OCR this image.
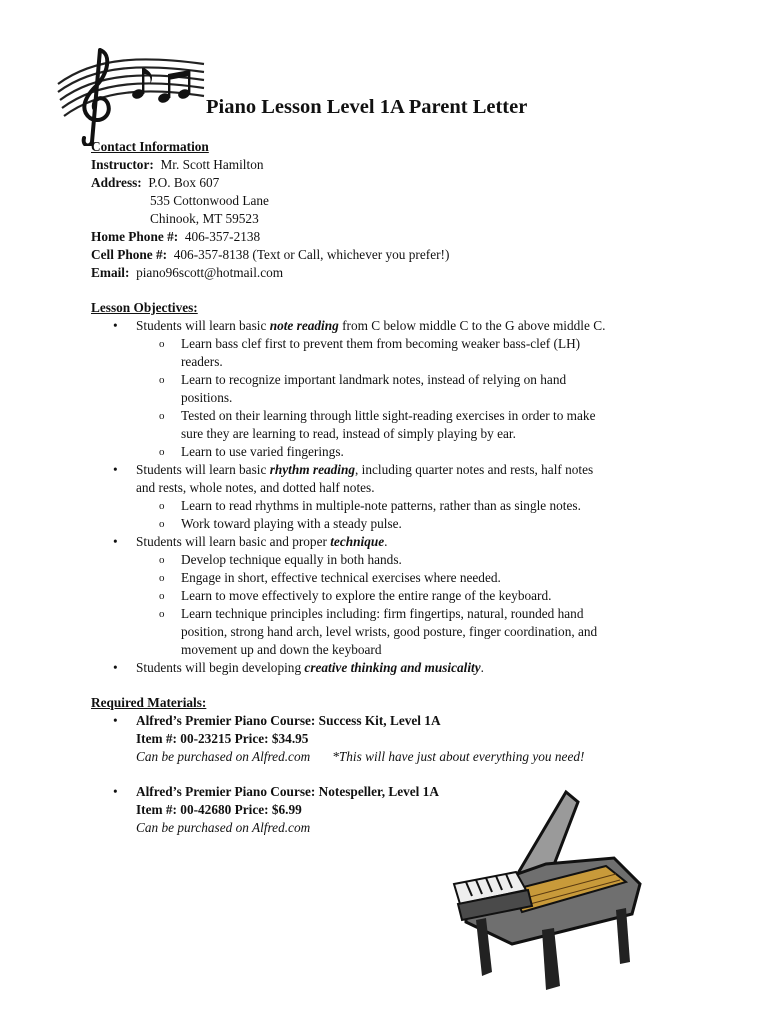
Piano Lesson Level 1A Parent Letter
Contact Information
Instructor: Mr. Scott Hamilton
Address: P.O. Box 607
535 Cottonwood Lane
Chinook, MT 59523
Home Phone #: 406-357-2138
Cell Phone #: 406-357-8138 (Text or Call, whichever you prefer!)
Email: piano96scott@hotmail.com
Lesson Objectives:
• Students will learn basic note reading from C below middle C to the G above middle C.
o Learn bass clef first to prevent them from becoming weaker bass-clef (LH)
readers.
o Learn to recognize important landmark notes, instead of relying on hand
positions.
o Tested on their learning through little sight-reading exercises in order to make
sure they are learning to read, instead of simply playing by ear.
o Learn to use varied fingerings.
• Students will learn basic rhythm reading, including quarter notes and rests, half notes
and rests, whole notes, and dotted half notes.
o Learn to read rhythms in multiple-note patterns, rather than as single notes.
o Work toward playing with a steady pulse.
• Students will learn basic and proper technique.
o Develop technique equally in both hands.
o Engage in short, effective technical exercises where needed.
o Learn to move effectively to explore the entire range of the keyboard.
o Learn technique principles including: firm fingertips, natural, rounded hand
position, strong hand arch, level wrists, good posture, finger coordination, and
movement up and down the keyboard
• Students will begin developing creative thinking and musicality.
Required Materials:
• Alfred’s Premier Piano Course: Success Kit, Level 1A
Item #: 00-23215 Price: $34.95
Can be purchased on Alfred.com *This will have just about everything you need!
• Alfred’s Premier Piano Course: Notespeller, Level 1A
Item #: 00-42680 Price: $6.99
Can be purchased on Alfred.com
